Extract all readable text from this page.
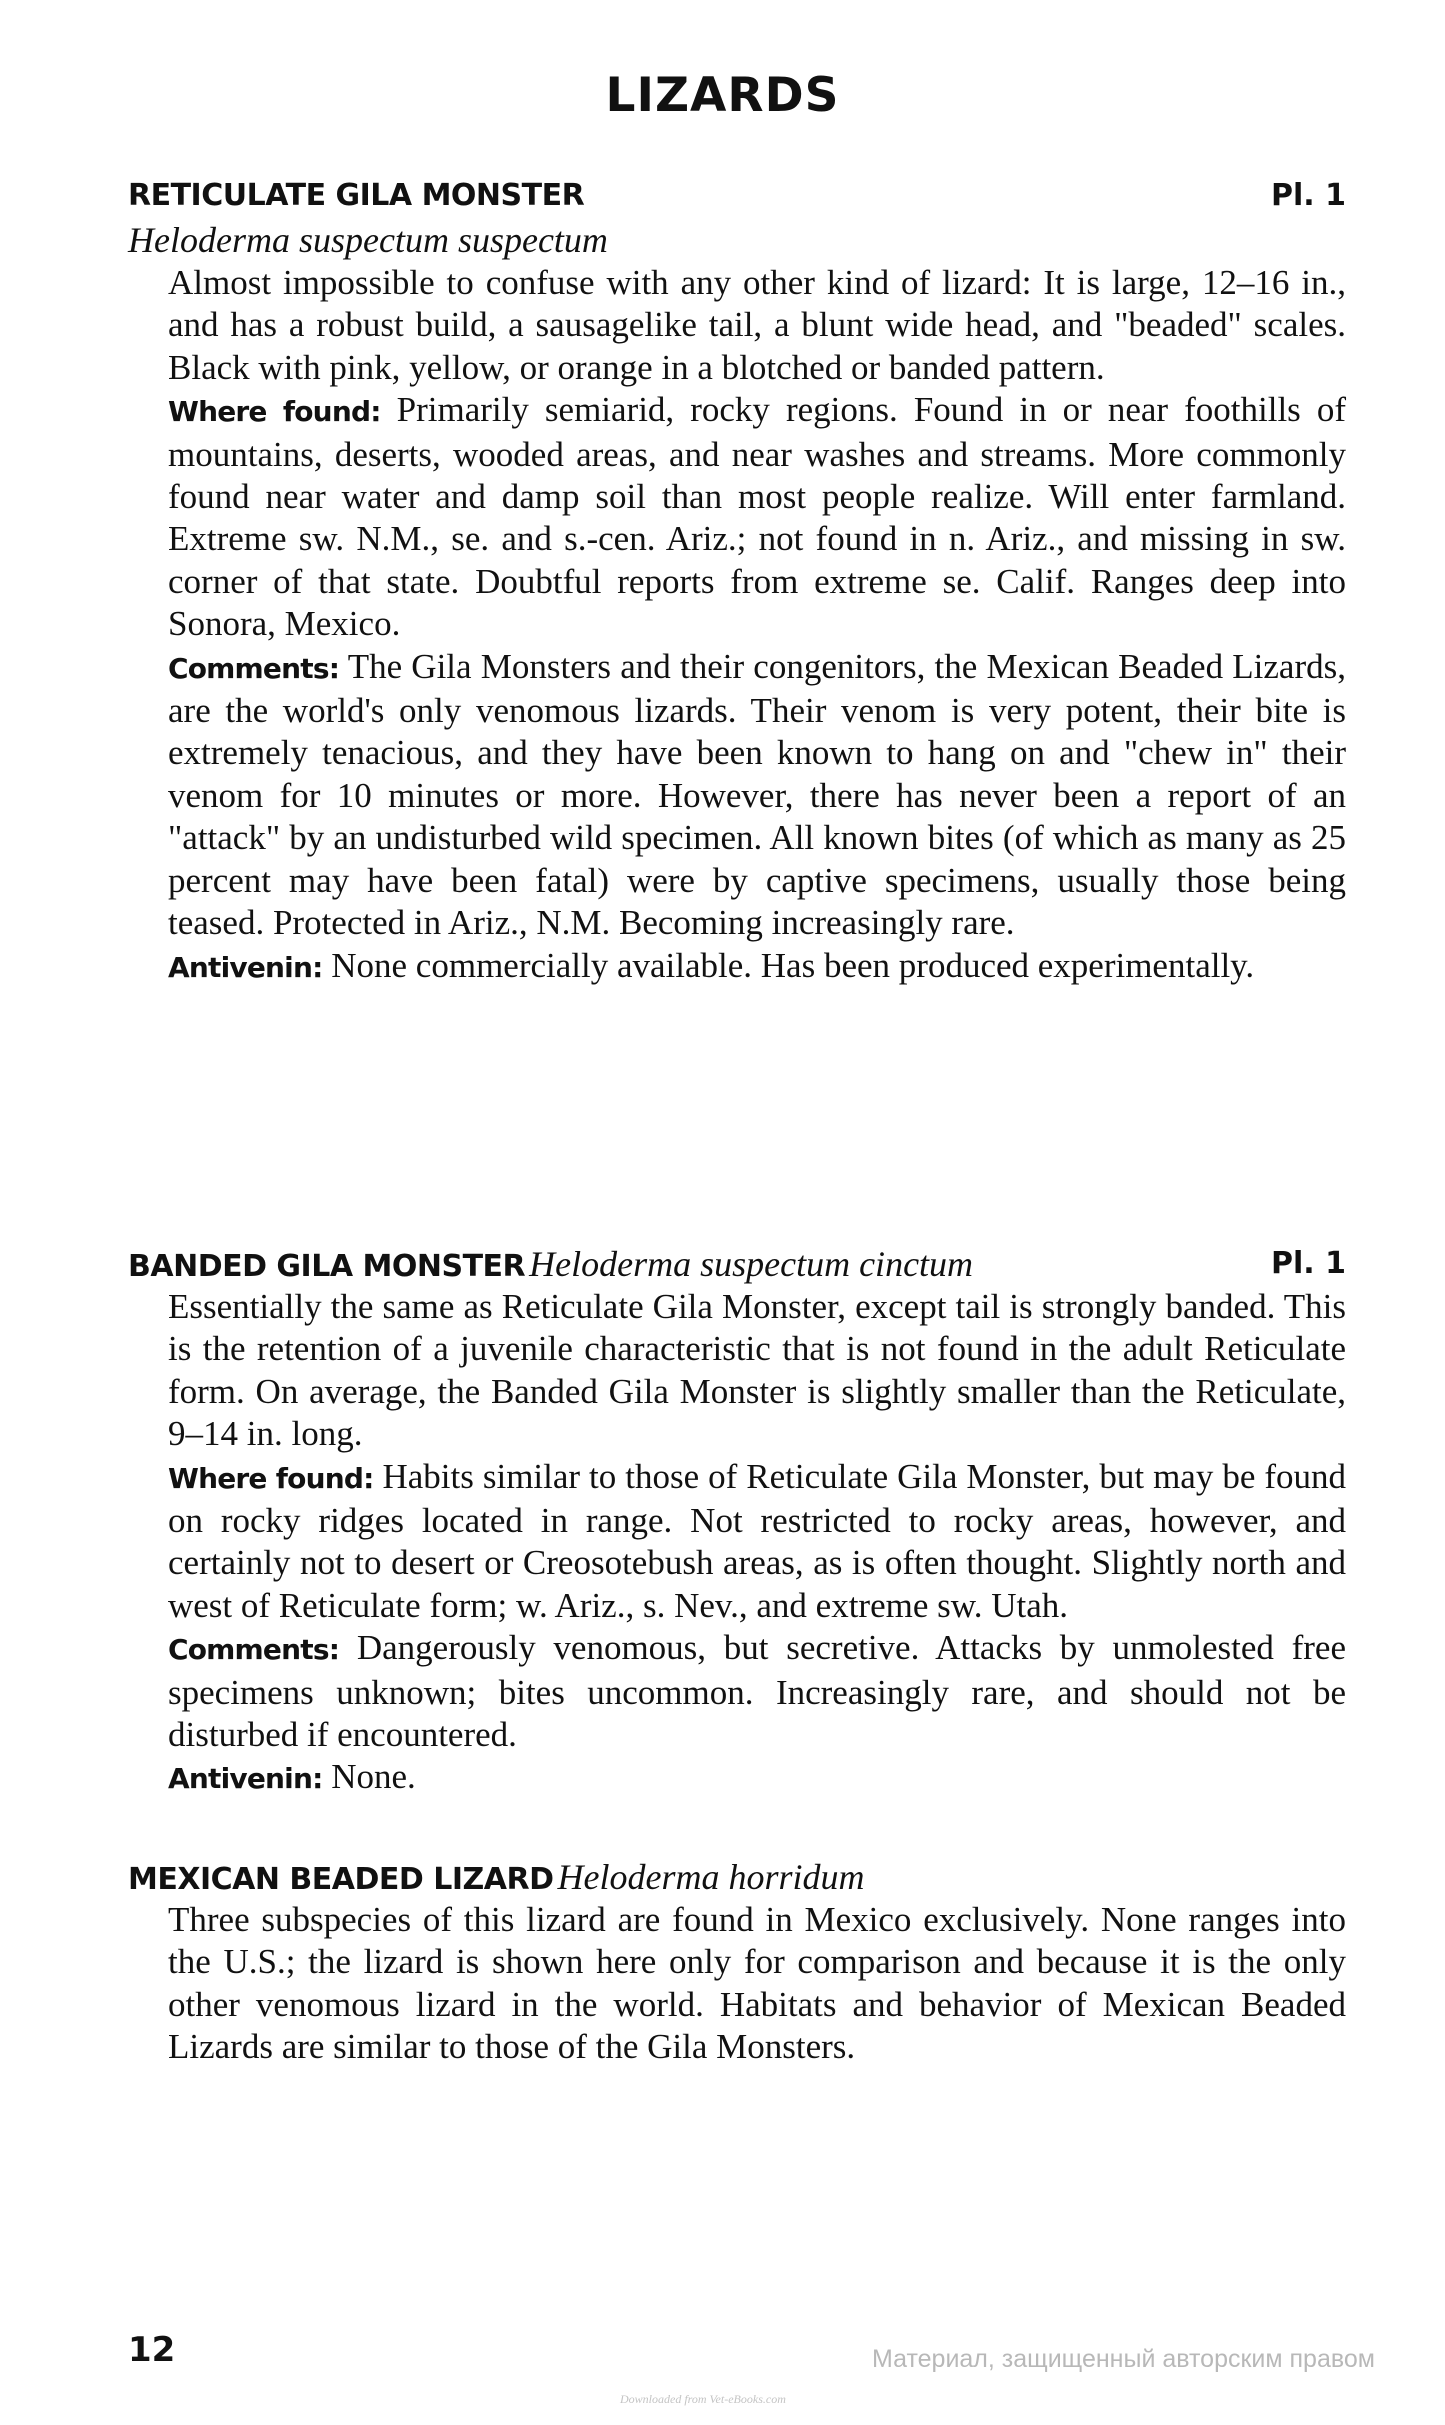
LIZARDS
RETICULATE GILA MONSTER	Pl. 1
Heloderma suspectum suspectum

Almost impossible to confuse with any other kind of lizard: It is large, 12–16 in., and has a robust build, a sausagelike tail, a blunt wide head, and "beaded" scales. Black with pink, yellow, or orange in a blotched or banded pattern.

Where found: Primarily semiarid, rocky regions. Found in or near foothills of mountains, deserts, wooded areas, and near washes and streams. More commonly found near water and damp soil than most people realize. Will enter farmland. Extreme sw. N.M., se. and s.-cen. Ariz.; not found in n. Ariz., and missing in sw. corner of that state. Doubtful reports from extreme se. Calif. Ranges deep into Sonora, Mexico.

Comments: The Gila Monsters and their congenitors, the Mexican Beaded Lizards, are the world's only venomous lizards. Their venom is very potent, their bite is extremely tenacious, and they have been known to hang on and "chew in" their venom for 10 minutes or more. However, there has never been a report of an "attack" by an undisturbed wild specimen. All known bites (of which as many as 25 percent may have been fatal) were by captive specimens, usually those being teased. Protected in Ariz., N.M. Becoming increasingly rare.

Antivenin: None commercially available. Has been produced experimentally.

BANDED GILA MONSTER Heloderma suspectum cinctum	Pl. 1

Essentially the same as Reticulate Gila Monster, except tail is strongly banded. This is the retention of a juvenile characteristic that is not found in the adult Reticulate form. On average, the Banded Gila Monster is slightly smaller than the Reticulate, 9–14 in. long.

Where found: Habits similar to those of Reticulate Gila Monster, but may be found on rocky ridges located in range. Not restricted to rocky areas, however, and certainly not to desert or Creosotebush areas, as is often thought. Slightly north and west of Reticulate form; w. Ariz., s. Nev., and extreme sw. Utah.

Comments: Dangerously venomous, but secretive. Attacks by unmolested free specimens unknown; bites uncommon. Increasingly rare, and should not be disturbed if encountered.

Antivenin: None.

MEXICAN BEADED LIZARD Heloderma horridum

Three subspecies of this lizard are found in Mexico exclusively. None ranges into the U.S.; the lizard is shown here only for comparison and because it is the only other venomous lizard in the world. Habitats and behavior of Mexican Beaded Lizards are similar to those of the Gila Monsters.

12	Материал, защищенный авторским правом
Downloaded from Vet-eBooks.com
